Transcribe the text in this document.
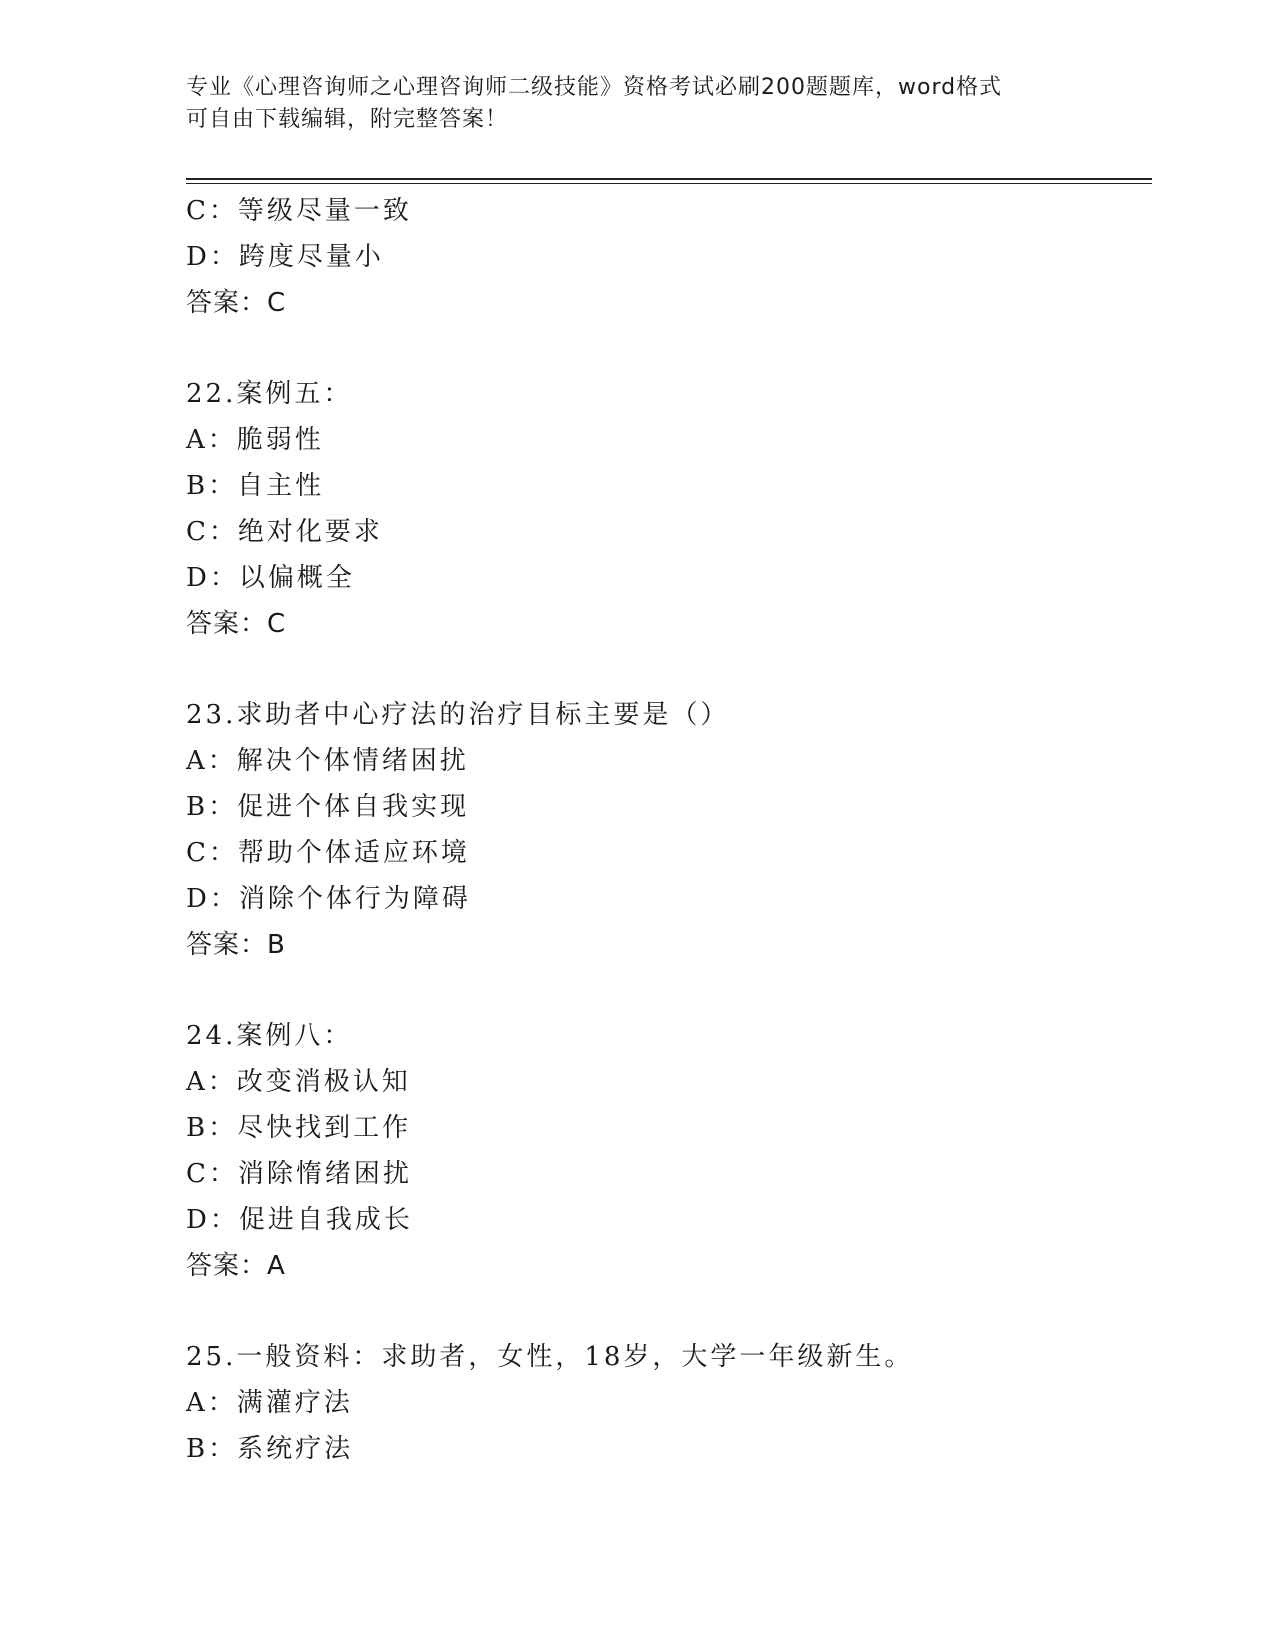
专业《心理咨询师之心理咨询师二级技能》资格考试必刷200题题库，word格式
可自由下载编辑，附完整答案！
C：等级尽量一致
D：跨度尽量小
答案：C
22.案例五：
A：脆弱性
B：自主性
C：绝对化要求
D：以偏概全
答案：C
23.求助者中心疗法的治疗目标主要是（）
A：解决个体情绪困扰
B：促进个体自我实现
C：帮助个体适应环境
D：消除个体行为障碍
答案：B
24.案例八：
A：改变消极认知
B：尽快找到工作
C：消除惰绪困扰
D：促进自我成长
答案：A
25.一般资料：求助者，女性，18岁，大学一年级新生。
A：满灌疗法
B：系统疗法
